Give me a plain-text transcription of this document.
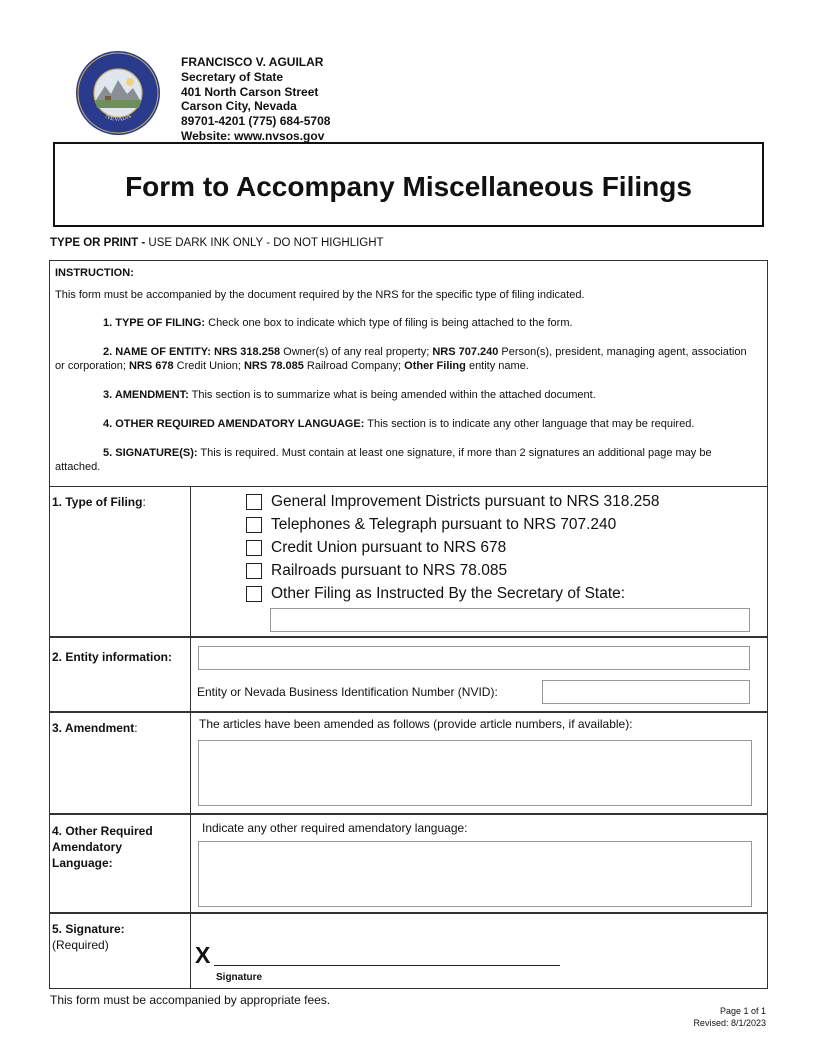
NEVADA
FRANCISCO V. AGUILAR
Secretary of State
401 North Carson Street
Carson City, Nevada
89701-4201 (775) 684-5708
Website: www.nvsos.gov
Form to Accompany Miscellaneous Filings
TYPE OR PRINT - USE DARK INK ONLY - DO NOT HIGHLIGHT

INSTRUCTION:

This form must be accompanied by the document required by the NRS for the specific type of filing indicated.

1. TYPE OF FILING: Check one box to indicate which type of filing is being attached to the form.

2. NAME OF ENTITY: NRS 318.258 Owner(s) of any real property; NRS 707.240 Person(s), president, managing agent, association or corporation; NRS 678 Credit Union; NRS 78.085 Railroad Company; Other Filing entity name.

3. AMENDMENT: This section is to summarize what is being amended within the attached document.

4. OTHER REQUIRED AMENDATORY LANGUAGE: This section is to indicate any other language that may be required.

5. SIGNATURE(S): This is required. Must contain at least one signature, if more than 2 signatures an additional page may be attached.

1. Type of Filing:	General Improvement Districts pursuant to NRS 318.258
Telephones & Telegraph pursuant to NRS 707.240
Credit Union pursuant to NRS 678
Railroads pursuant to NRS 78.085
Other Filing as Instructed By the Secretary of State:
2. Entity information:
Entity or Nevada Business Identification Number (NVID):
3. Amendment:	The articles have been amended as follows (provide article numbers, if available):
4. Other Required
Amendatory
Language:
Indicate any other required amendatory language:
5. Signature:
(Required)	X
Signature
This form must be accompanied by appropriate fees.
Page 1 of 1
Revised: 8/1/2023
